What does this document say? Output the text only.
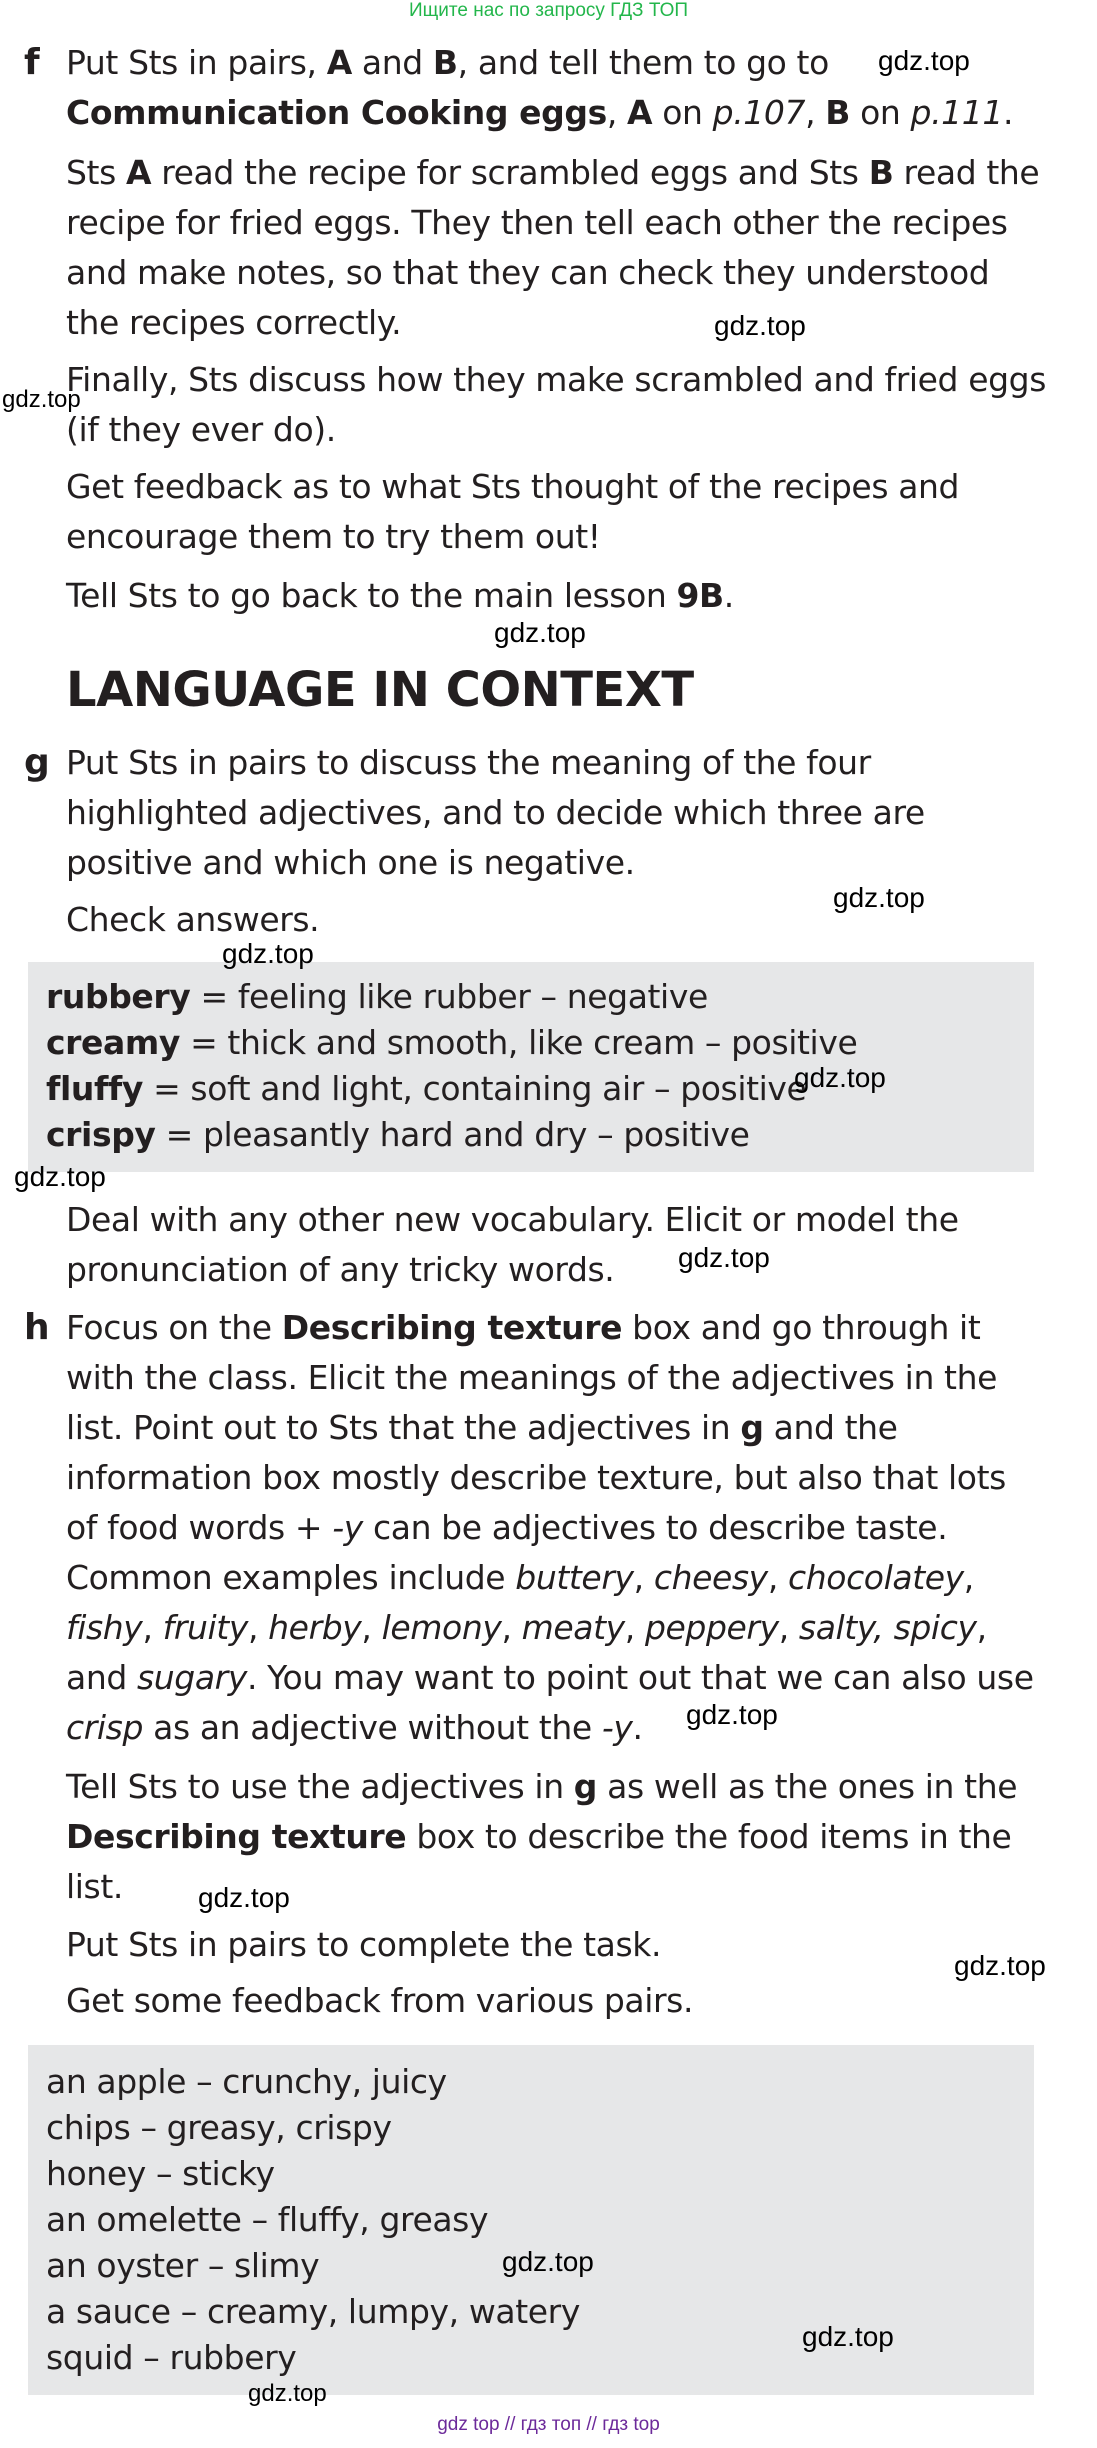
Ищите нас по запросу ГДЗ ТОП
f Put Sts in pairs, A and B, and tell them to go to
Communication Cooking eggs, A on p.107, B on p.111.
Sts A read the recipe for scrambled eggs and Sts B read the recipe for fried eggs. They then tell each other the recipes and make notes, so that they can check they understood the recipes correctly.
Finally, Sts discuss how they make scrambled and fried eggs (if they ever do).
Get feedback as to what Sts thought of the recipes and encourage them to try them out!
Tell Sts to go back to the main lesson 9B.
LANGUAGE IN CONTEXT
g Put Sts in pairs to discuss the meaning of the four highlighted adjectives, and to decide which three are positive and which one is negative.
Check answers.
rubbery = feeling like rubber – negative
creamy = thick and smooth, like cream – positive
fluffy = soft and light, containing air – positive
crispy = pleasantly hard and dry – positive
Deal with any other new vocabulary. Elicit or model the pronunciation of any tricky words.
h Focus on the Describing texture box and go through it with the class. Elicit the meanings of the adjectives in the list. Point out to Sts that the adjectives in g and the information box mostly describe texture, but also that lots of food words + -y can be adjectives to describe taste. Common examples include buttery, cheesy, chocolatey, fishy, fruity, herby, lemony, meaty, peppery, salty, spicy, and sugary. You may want to point out that we can also use crisp as an adjective without the -y.
Tell Sts to use the adjectives in g as well as the ones in the Describing texture box to describe the food items in the list.
Put Sts in pairs to complete the task.
Get some feedback from various pairs.
an apple – crunchy, juicy
chips – greasy, crispy
honey – sticky
an omelette – fluffy, greasy
an oyster – slimy
a sauce – creamy, lumpy, watery
squid – rubbery
gdz.top
gdz.top
gdz.top
gdz.top
gdz.top
gdz.top
gdz.top
gdz.top
gdz.top
gdz.top
gdz.top
gdz.top
gdz.top
gdz.top
gdz.top
gdz top // гдз топ // гдз top
